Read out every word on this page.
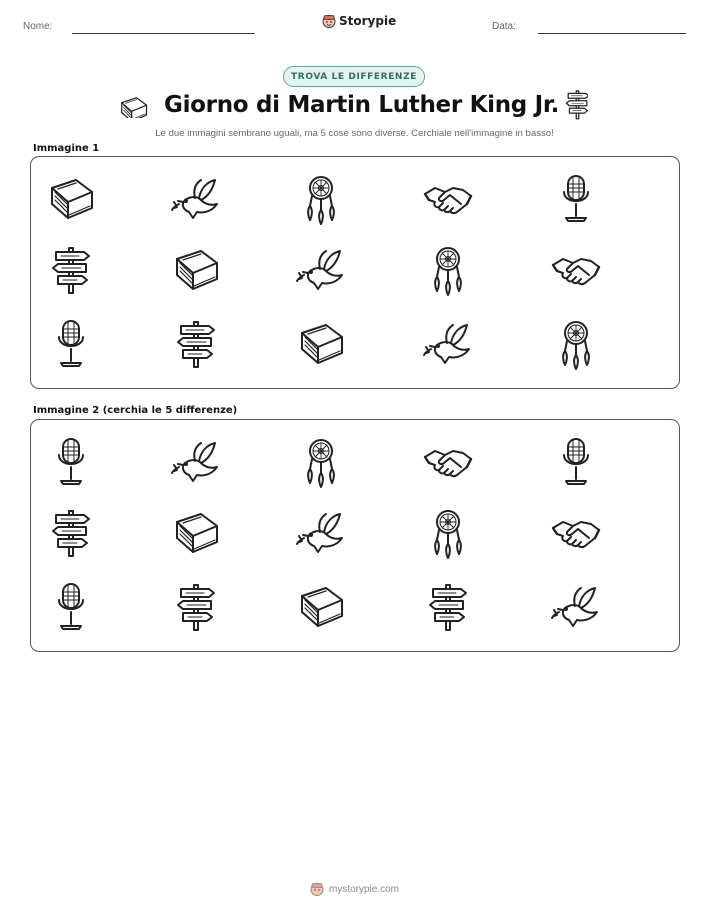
Nome:	Storypie	Data:
TROVA LE DIFFERENZE
Giorno di Martin Luther King Jr.
Le due immagini sembrano uguali, ma 5 cose sono diverse. Cerchiale nell'immagine in basso!
Immagine 1
Immagine 2 (cerchia le 5 differenze)
mystorypie.com
